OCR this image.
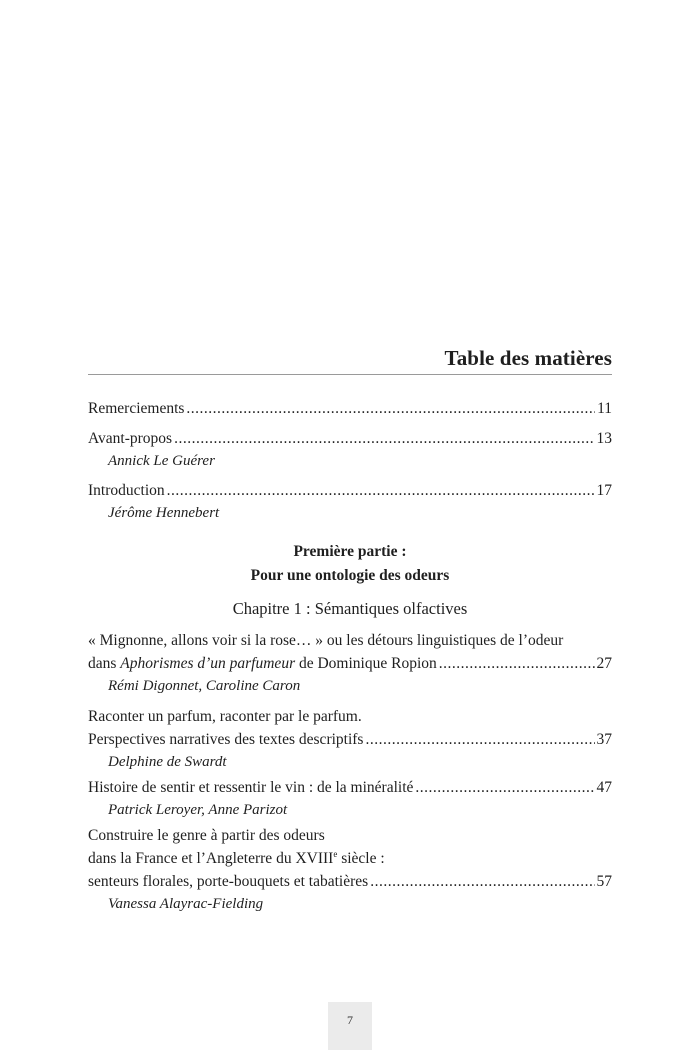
Table des matières
Remerciements .....	11
Avant-propos .....	13
Annick Le Guérer
Introduction .....	17
Jérôme Hennebert
Première partie :
Pour une ontologie des odeurs
Chapitre 1 : Sémantiques olfactives
« Mignonne, allons voir si la rose… » ou les détours linguistiques de l’odeur
dans Aphorismes d’un parfumeur de Dominique Ropion .....	27
Rémi Digonnet, Caroline Caron
Raconter un parfum, raconter par le parfum.
Perspectives narratives des textes descriptifs .....	37
Delphine de Swardt
Histoire de sentir et ressentir le vin : de la minéralité .....	47
Patrick Leroyer, Anne Parizot
Construire le genre à partir des odeurs
dans la France et l’Angleterre du XVIIIe siècle :
senteurs florales, porte-bouquets et tabatières .....	57
Vanessa Alayrac-Fielding
7
